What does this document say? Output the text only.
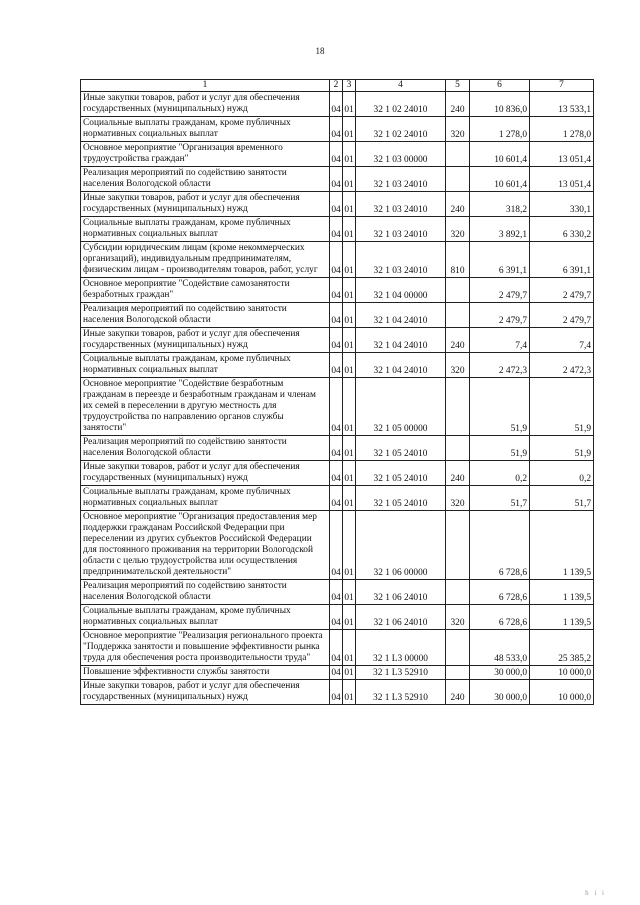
18
1	2	3	4	5	6	7
Иные закупки товаров, работ и услуг для обеспечения государственных (муниципальных) нужд	04	01	32 1 02 24010	240	10 836,0	13 533,1
Социальные выплаты гражданам, кроме публичных нормативных социальных выплат	04	01	32 1 02 24010	320	1 278,0	1 278,0
Основное мероприятие "Организация временного трудоустройства граждан"	04	01	32 1 03 00000		10 601,4	13 051,4
Реализация мероприятий по содействию занятости населения Вологодской области	04	01	32 1 03 24010		10 601,4	13 051,4
Иные закупки товаров, работ и услуг для обеспечения государственных (муниципальных) нужд	04	01	32 1 03 24010	240	318,2	330,1
Социальные выплаты гражданам, кроме публичных нормативных социальных выплат	04	01	32 1 03 24010	320	3 892,1	6 330,2
Субсидии юридическим лицам (кроме некоммерческих организаций), индивидуальным предпринимателям, физическим лицам - производителям товаров, работ, услуг	04	01	32 1 03 24010	810	6 391,1	6 391,1
Основное мероприятие "Содействие самозанятости безработных граждан"	04	01	32 1 04 00000		2 479,7	2 479,7
Реализация мероприятий по содействию занятости населения Вологодской области	04	01	32 1 04 24010		2 479,7	2 479,7
Иные закупки товаров, работ и услуг для обеспечения государственных (муниципальных) нужд	04	01	32 1 04 24010	240	7,4	7,4
Социальные выплаты гражданам, кроме публичных нормативных социальных выплат	04	01	32 1 04 24010	320	2 472,3	2 472,3
Основное мероприятие "Содействие безработным гражданам в переезде и безработным гражданам и членам их семей в переселении в другую местность для трудоустройства по направлению органов службы занятости"	04	01	32 1 05 00000		51,9	51,9
Реализация мероприятий по содействию занятости населения Вологодской области	04	01	32 1 05 24010		51,9	51,9
Иные закупки товаров, работ и услуг для обеспечения государственных (муниципальных) нужд	04	01	32 1 05 24010	240	0,2	0,2
Социальные выплаты гражданам, кроме публичных нормативных социальных выплат	04	01	32 1 05 24010	320	51,7	51,7
Основное мероприятие "Организация предоставления мер поддержки гражданам Российской Федерации при переселении из других субъектов Российской Федерации для постоянного проживания на территории Вологодской области с целью трудоустройства или осуществления предпринимательской деятельности"	04	01	32 1 06 00000		6 728,6	1 139,5
Реализация мероприятий по содействию занятости населения Вологодской области	04	01	32 1 06 24010		6 728,6	1 139,5
Социальные выплаты гражданам, кроме публичных нормативных социальных выплат	04	01	32 1 06 24010	320	6 728,6	1 139,5
Основное мероприятие "Реализация регионального проекта "Поддержка занятости и повышение эффективности рынка труда для обеспечения роста производительности труда"	04	01	32 1 L3 00000		48 533,0	25 385,2
Повышение эффективности службы занятости	04	01	32 1 L3 52910		30 000,0	10 000,0
Иные закупки товаров, работ и услуг для обеспечения государственных (муниципальных) нужд	04	01	32 1 L3 52910	240	30 000,0	10 000,0
h i i
